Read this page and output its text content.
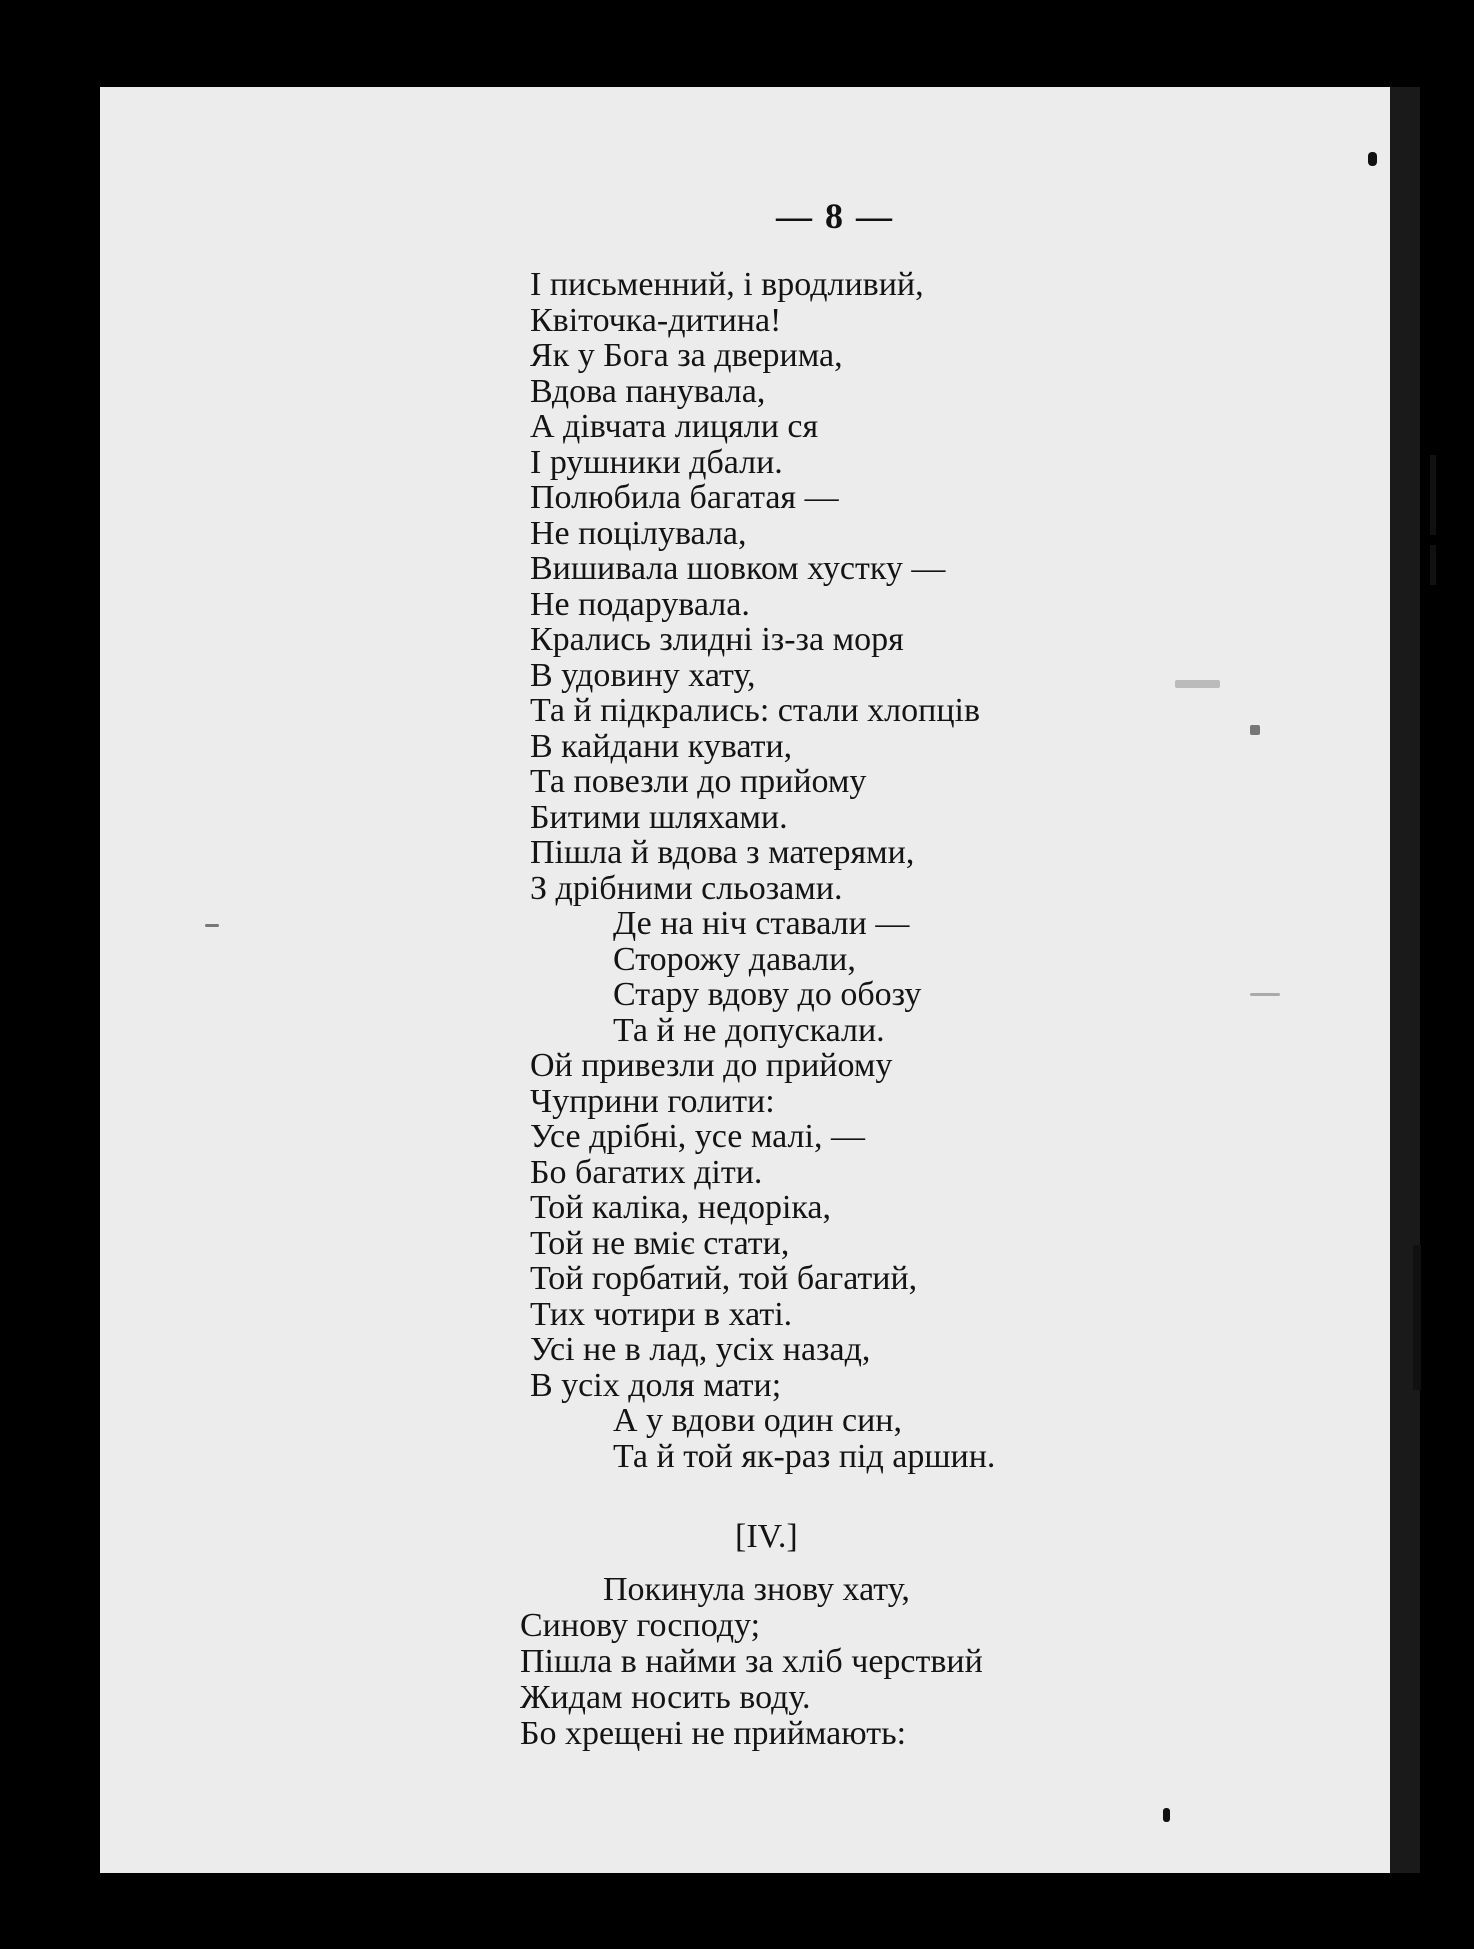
— 8 —
І письменний, і вродливий,
Квіточка-дитина!
Як у Бога за дверима,
Вдова панувала,
А дівчата лицяли ся
І рушники дбали.
Полюбила багатая —
Не поцілувала,
Вишивала шовком хустку —
Не подарувала.
Крались злидні із-за моря
В удовину хату,
Та й підкрались: стали хлопців
В кайдани кувати,
Та повезли до прийому
Битими шляхами.
Пішла й вдова з матерями,
З дрібними сльозами.
Де на ніч ставали —
Сторожу давали,
Стару вдову до обозу
Та й не допускали.
Ой привезли до прийому
Чуприни голити:
Усе дрібні, усе малі, —
Бо багатих діти.
Той каліка, недоріка,
Той не вміє стати,
Той горбатий, той багатий,
Тих чотири в хаті.
Усі не в лад, усіх назад,
В усіх доля мати;
А у вдови один син,
Та й той як-раз під аршин.
[IV.]
Покинула знову хату,
Синову господу;
Пішла в найми за хліб черствий
Жидам носить воду.
Бо хрещені не приймають:
